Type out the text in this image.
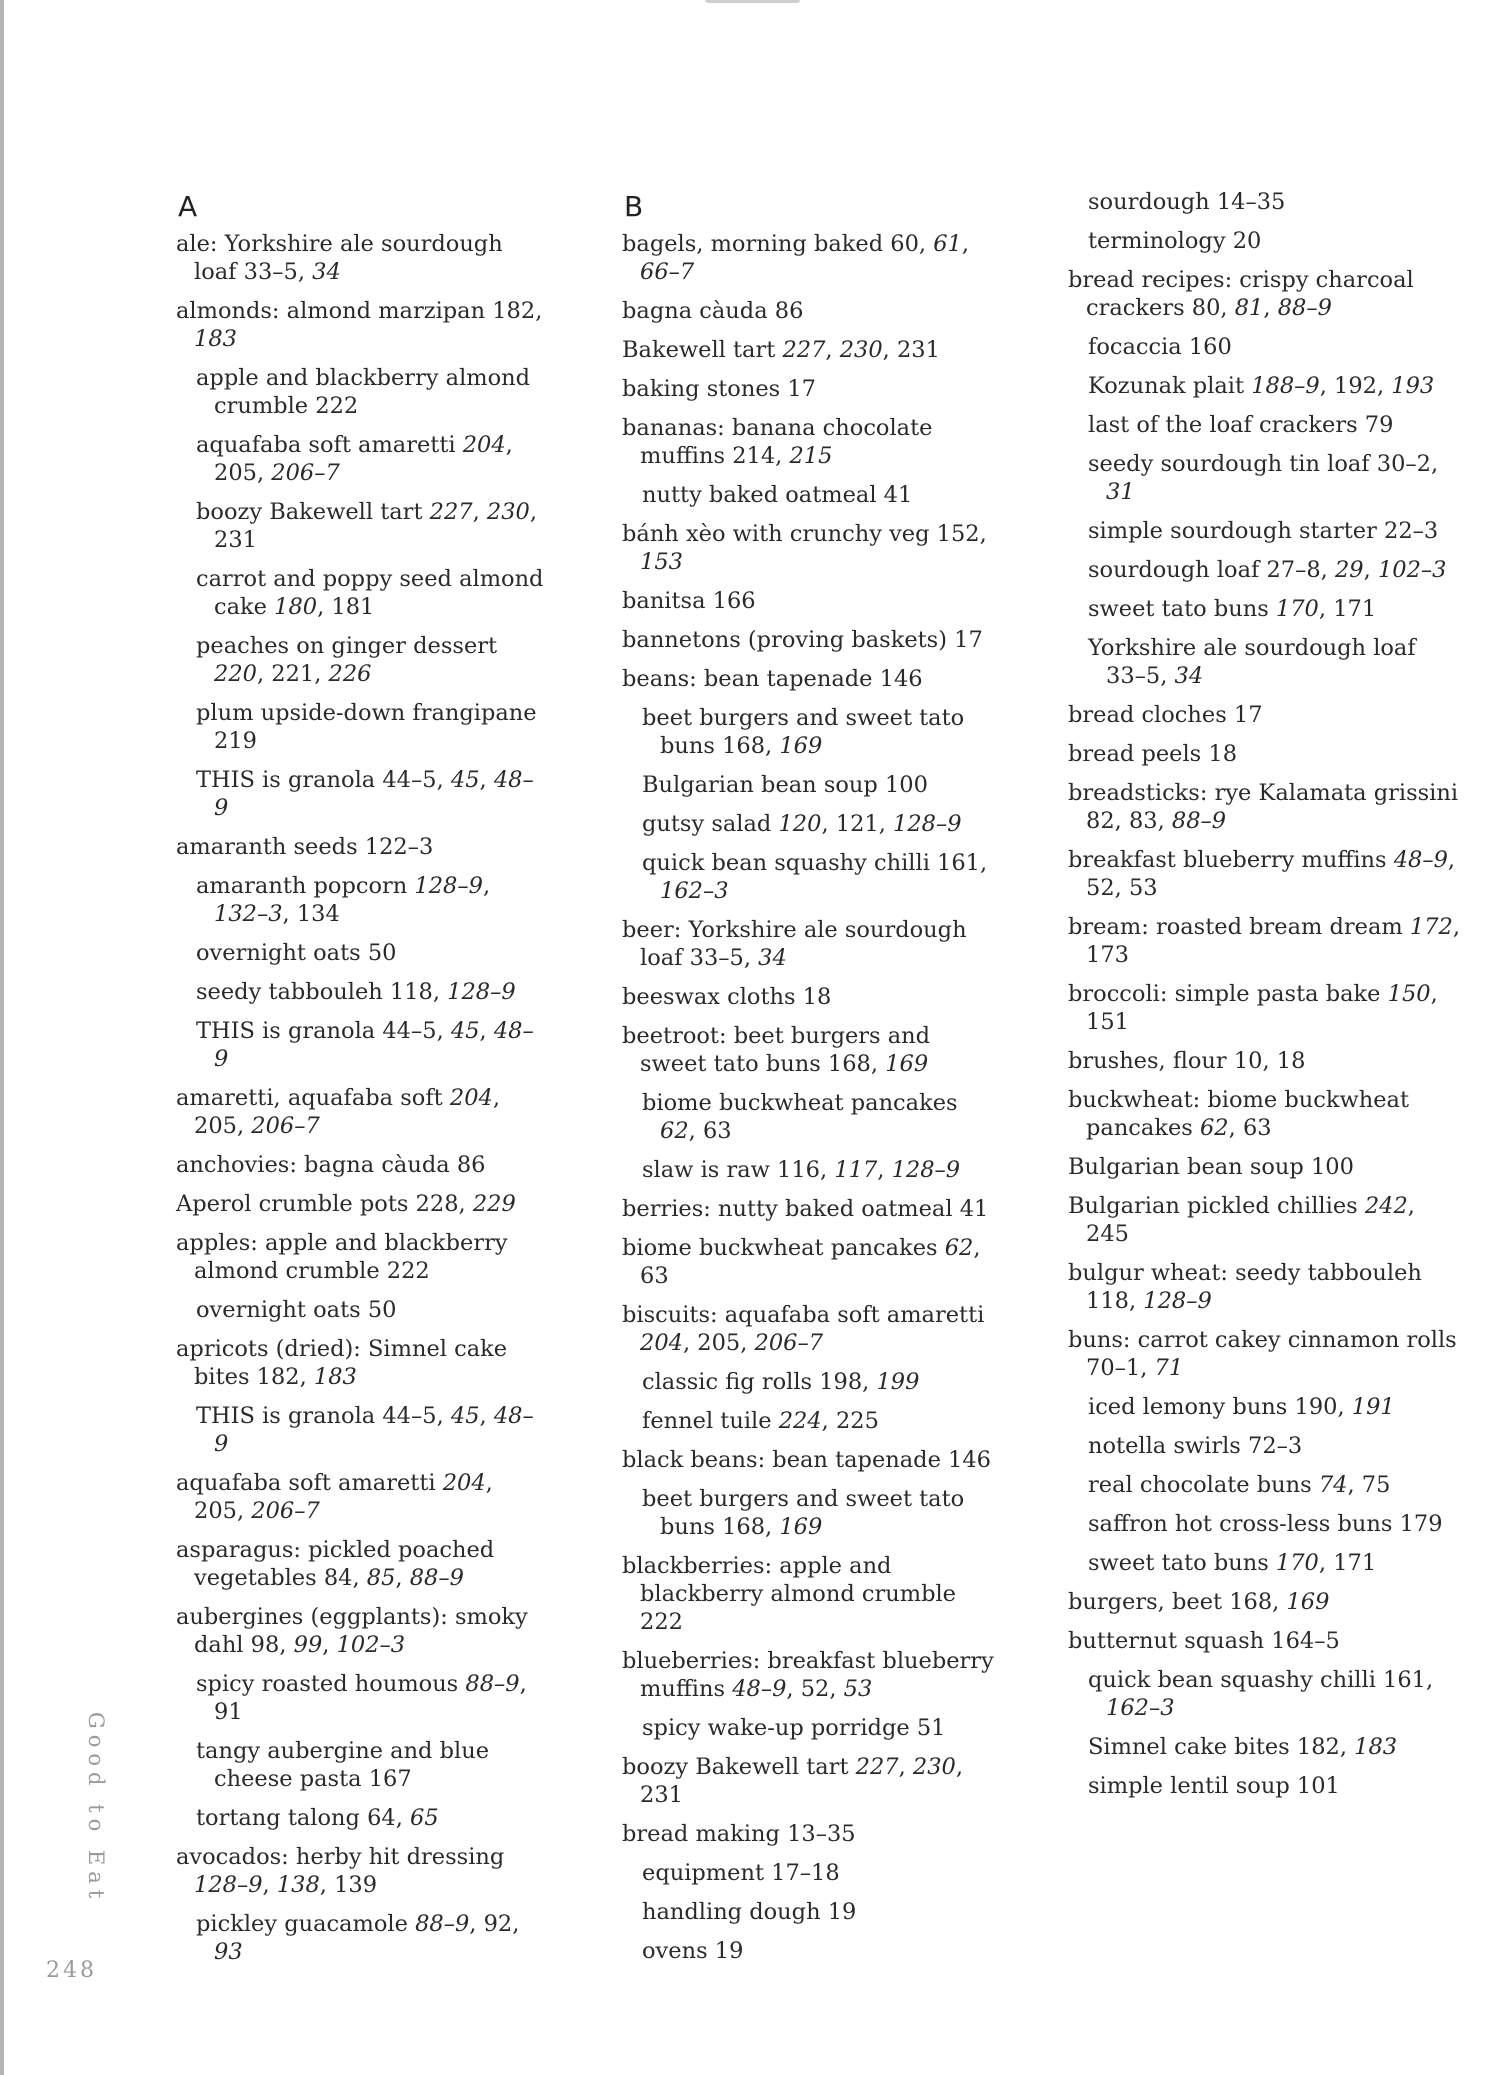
A
ale: Yorkshire ale sourdough loaf 33–5, 34
almonds: almond marzipan 182, 183
apple and blackberry almond crumble 222
aquafaba soft amaretti 204, 205, 206–7
boozy Bakewell tart 227, 230, 231
carrot and poppy seed almond cake 180, 181
peaches on ginger dessert 220, 221, 226
plum upside-down frangipane 219
THIS is granola 44–5, 45, 48–9
amaranth seeds 122–3
amaranth popcorn 128–9, 132–3, 134
overnight oats 50
seedy tabbouleh 118, 128–9
THIS is granola 44–5, 45, 48–9
amaretti, aquafaba soft 204, 205, 206–7
anchovies: bagna càuda 86
Aperol crumble pots 228, 229
apples: apple and blackberry almond crumble 222
overnight oats 50
apricots (dried): Simnel cake bites 182, 183
THIS is granola 44–5, 45, 48–9
aquafaba soft amaretti 204, 205, 206–7
asparagus: pickled poached vegetables 84, 85, 88–9
aubergines (eggplants): smoky dahl 98, 99, 102–3
spicy roasted houmous 88–9, 91
tangy aubergine and blue cheese pasta 167
tortang talong 64, 65
avocados: herby hit dressing 128–9, 138, 139
pickley guacamole 88–9, 92, 93
B
bagels, morning baked 60, 61, 66–7
bagna càuda 86
Bakewell tart 227, 230, 231
baking stones 17
bananas: banana chocolate muffins 214, 215
nutty baked oatmeal 41
bánh xèo with crunchy veg 152, 153
banitsa 166
bannetons (proving baskets) 17
beans: bean tapenade 146
beet burgers and sweet tato buns 168, 169
Bulgarian bean soup 100
gutsy salad 120, 121, 128–9
quick bean squashy chilli 161, 162–3
beer: Yorkshire ale sourdough loaf 33–5, 34
beeswax cloths 18
beetroot: beet burgers and sweet tato buns 168, 169
biome buckwheat pancakes 62, 63
slaw is raw 116, 117, 128–9
berries: nutty baked oatmeal 41
biome buckwheat pancakes 62, 63
biscuits: aquafaba soft amaretti 204, 205, 206–7
classic fig rolls 198, 199
fennel tuile 224, 225
black beans: bean tapenade 146
beet burgers and sweet tato buns 168, 169
blackberries: apple and blackberry almond crumble 222
blueberries: breakfast blueberry muffins 48–9, 52, 53
spicy wake-up porridge 51
boozy Bakewell tart 227, 230, 231
bread making 13–35
equipment 17–18
handling dough 19
ovens 19
sourdough 14–35
terminology 20
bread recipes: crispy charcoal crackers 80, 81, 88–9
focaccia 160
Kozunak plait 188–9, 192, 193
last of the loaf crackers 79
seedy sourdough tin loaf 30–2, 31
simple sourdough starter 22–3
sourdough loaf 27–8, 29, 102–3
sweet tato buns 170, 171
Yorkshire ale sourdough loaf 33–5, 34
bread cloches 17
bread peels 18
breadsticks: rye Kalamata grissini 82, 83, 88–9
breakfast blueberry muffins 48–9, 52, 53
bream: roasted bream dream 172, 173
broccoli: simple pasta bake 150, 151
brushes, flour 10, 18
buckwheat: biome buckwheat pancakes 62, 63
Bulgarian bean soup 100
Bulgarian pickled chillies 242, 245
bulgur wheat: seedy tabbouleh 118, 128–9
buns: carrot cakey cinnamon rolls 70–1, 71
iced lemony buns 190, 191
notella swirls 72–3
real chocolate buns 74, 75
saffron hot cross-less buns 179
sweet tato buns 170, 171
burgers, beet 168, 169
butternut squash 164–5
quick bean squashy chilli 161, 162–3
Simnel cake bites 182, 183
simple lentil soup 101
Good to Eat
248
